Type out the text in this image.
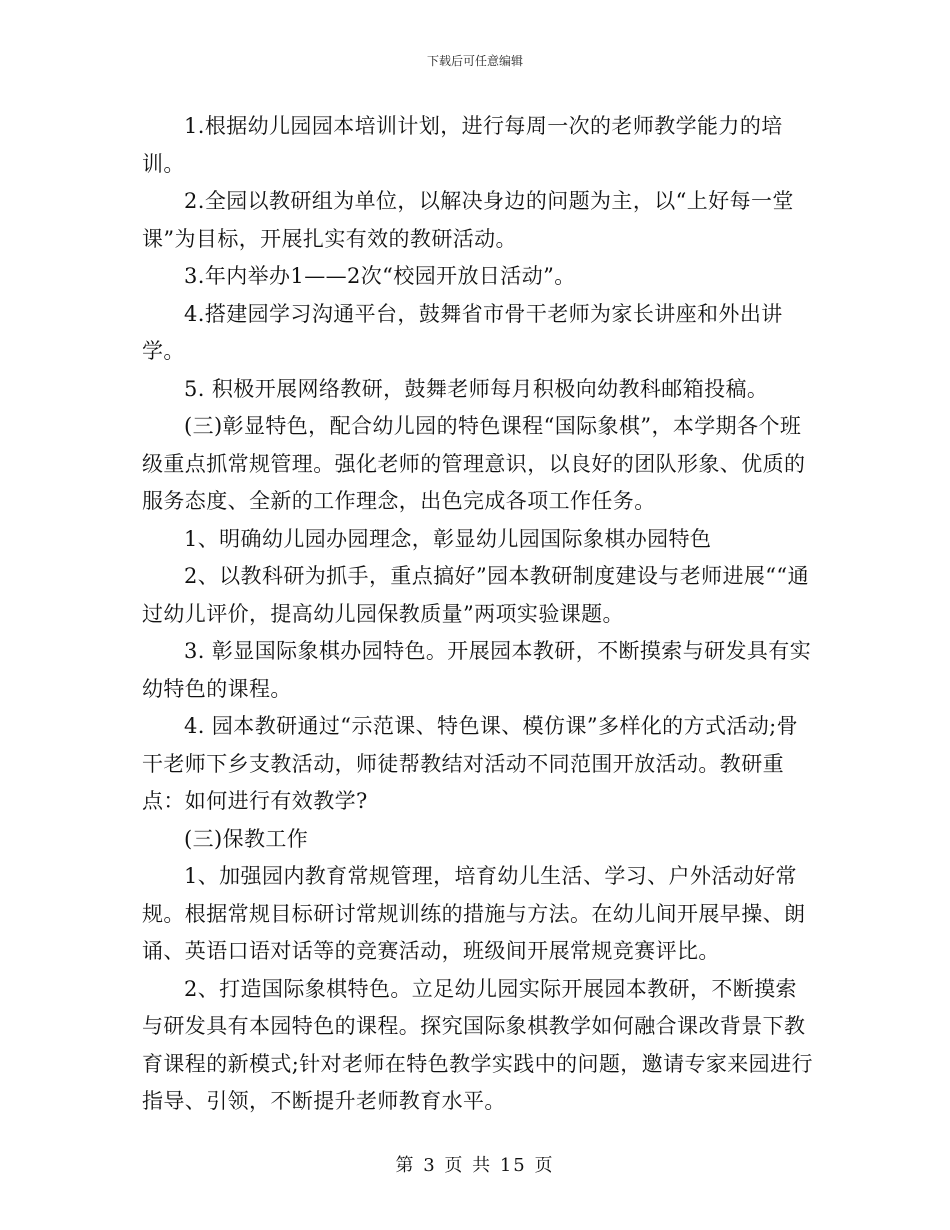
下载后可任意编辑

1.根据幼儿园园本培训计划，进行每周一次的老师教学能力的培训。

2.全园以教研组为单位，以解决身边的问题为主，以“上好每一堂课”为目标，开展扎实有效的教研活动。

3.年内举办1——2次“校园开放日活动”。

4.搭建园学习沟通平台，鼓舞省市骨干老师为家长讲座和外出讲学。

5. 积极开展网络教研，鼓舞老师每月积极向幼教科邮箱投稿。

(三)彰显特色，配合幼儿园的特色课程“国际象棋”，本学期各个班级重点抓常规管理。强化老师的管理意识，以良好的团队形象、优质的服务态度、全新的工作理念，出色完成各项工作任务。

1、明确幼儿园办园理念，彰显幼儿园国际象棋办园特色

2、以教科研为抓手，重点搞好”园本教研制度建设与老师进展““通过幼儿评价，提高幼儿园保教质量”两项实验课题。

3. 彰显国际象棋办园特色。开展园本教研，不断摸索与研发具有实幼特色的课程。

4. 园本教研通过“示范课、特色课、模仿课”多样化的方式活动;骨干老师下乡支教活动，师徒帮教结对活动不同范围开放活动。教研重点：如何进行有效教学?

(三)保教工作

1、加强园内教育常规管理，培育幼儿生活、学习、户外活动好常规。根据常规目标研讨常规训练的措施与方法。在幼儿间开展早操、朗诵、英语口语对话等的竞赛活动，班级间开展常规竞赛评比。

2、打造国际象棋特色。立足幼儿园实际开展园本教研，不断摸索与研发具有本园特色的课程。探究国际象棋教学如何融合课改背景下教育课程的新模式;针对老师在特色教学实践中的问题，邀请专家来园进行指导、引领，不断提升老师教育水平。

第 3 页 共 15 页
